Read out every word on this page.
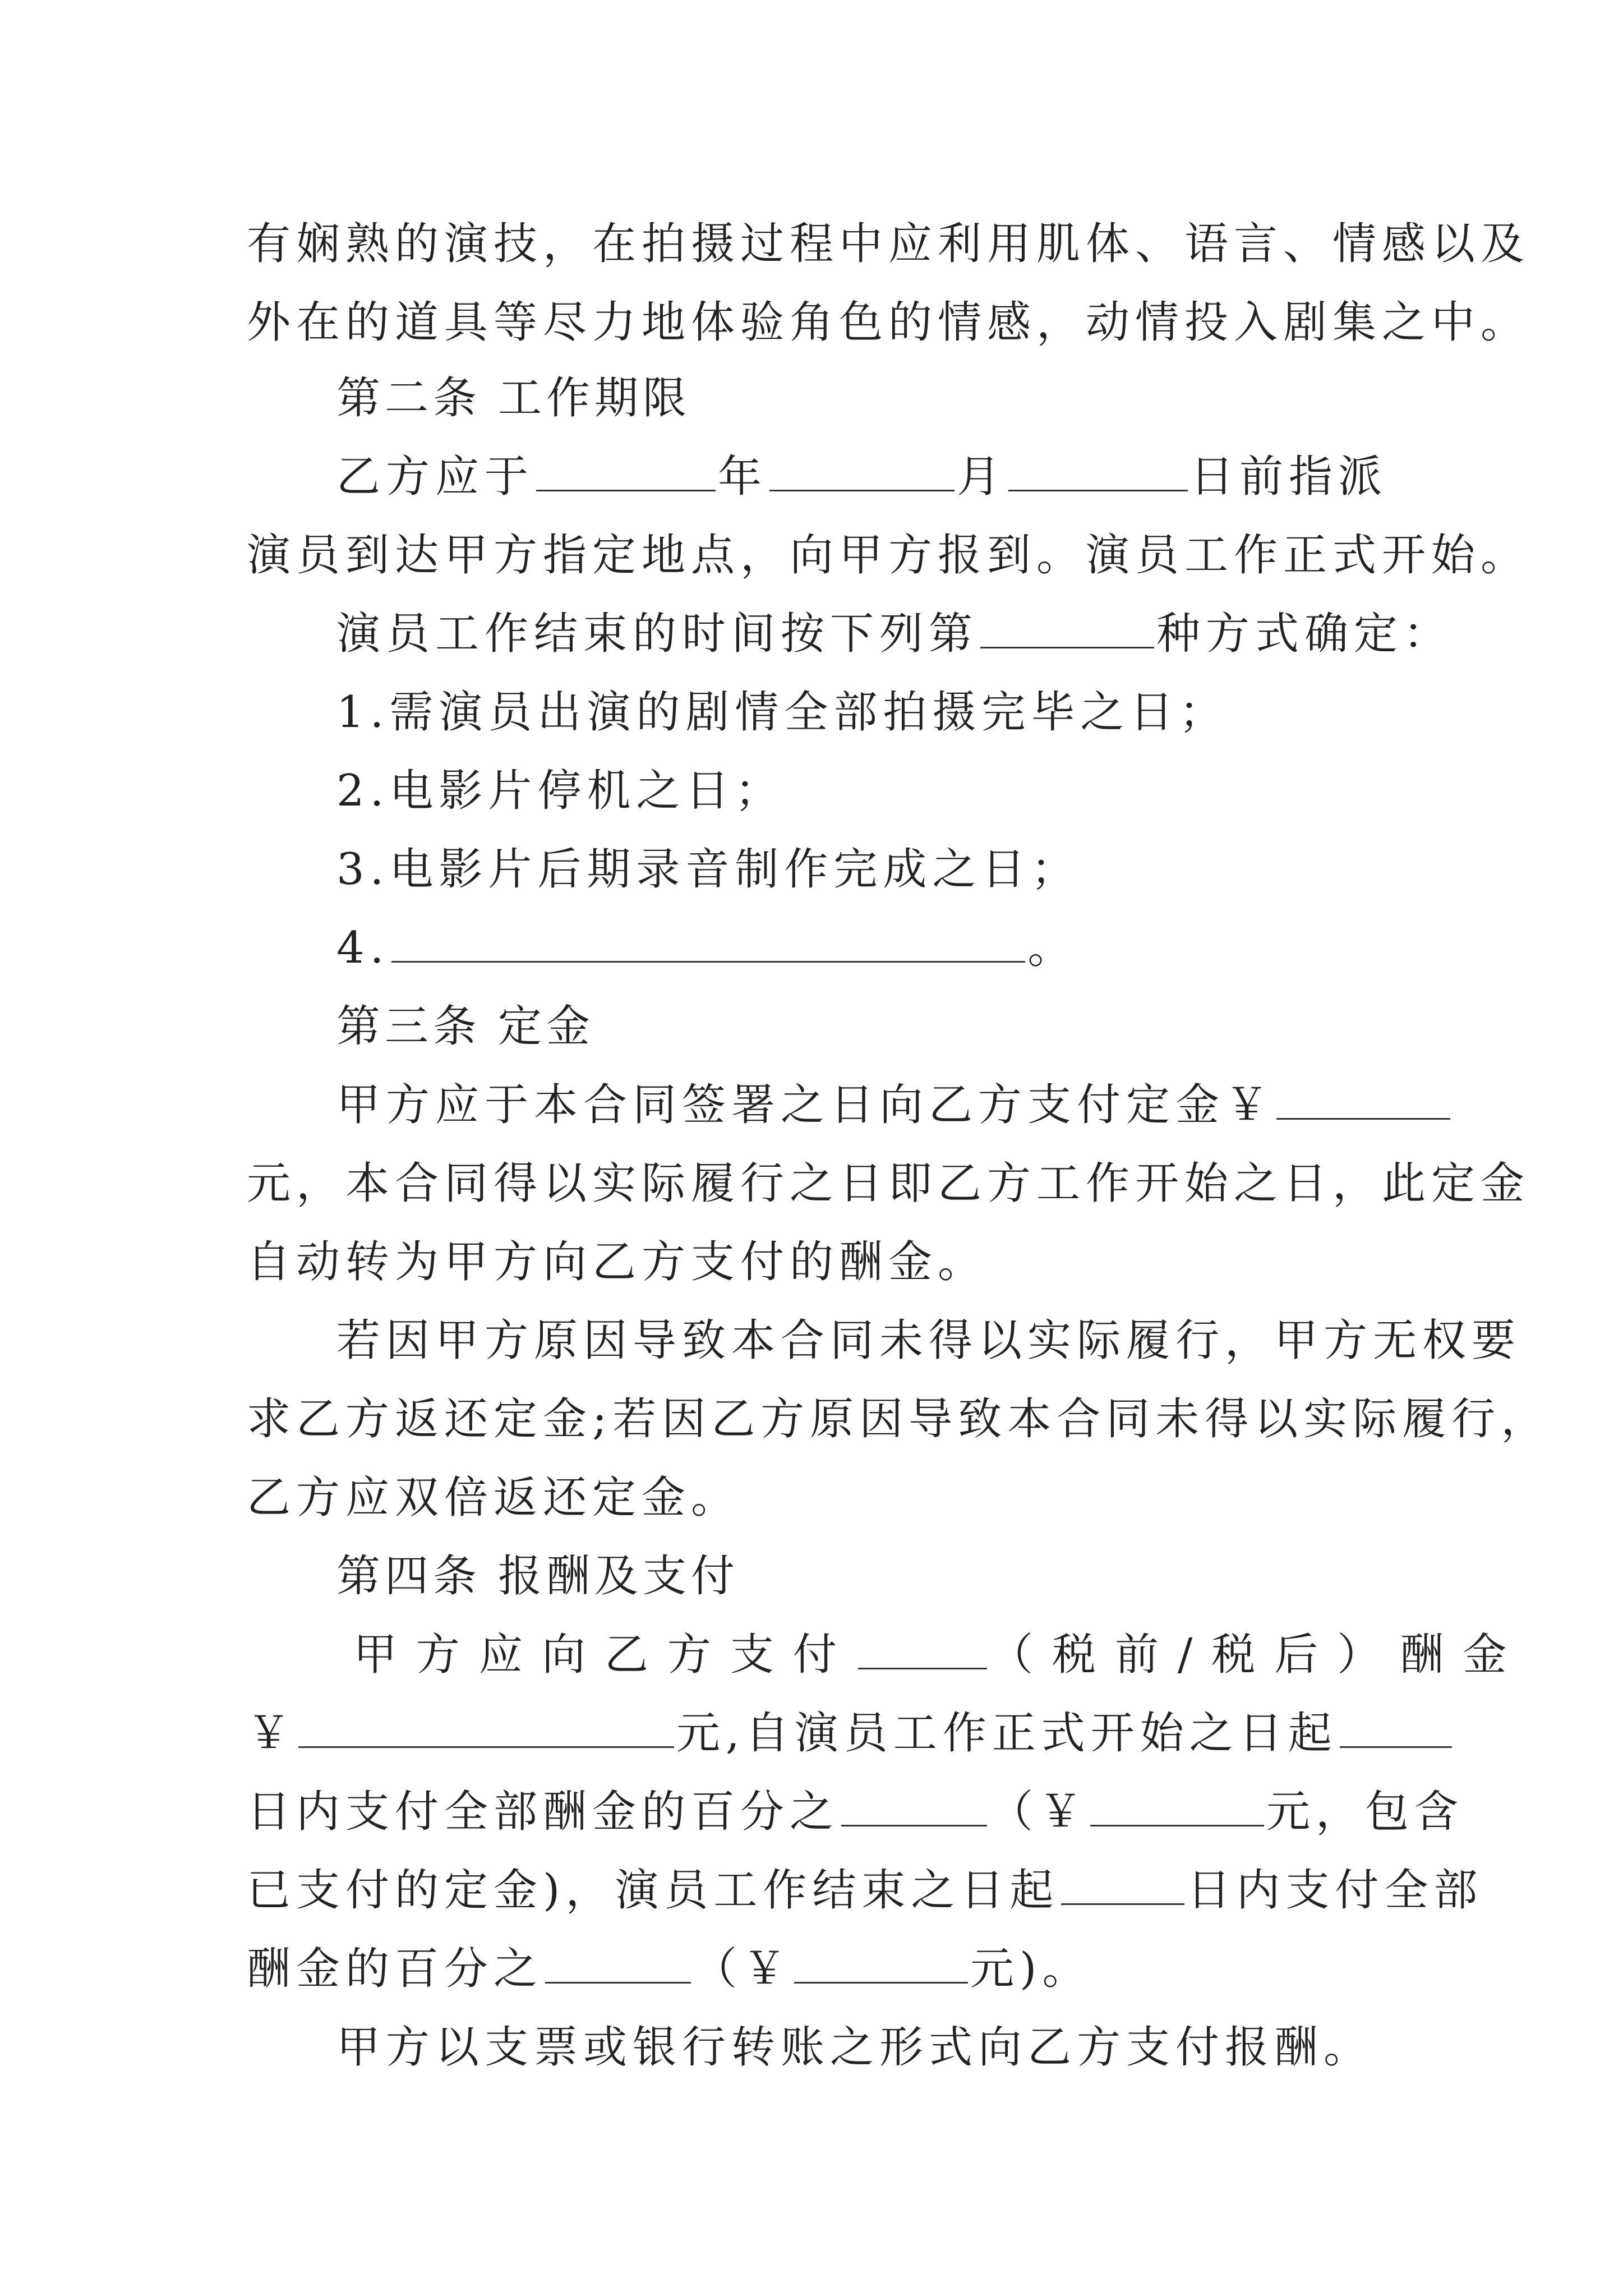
有娴熟的演技，在拍摄过程中应利用肌体、语言、情感以及
外在的道具等尽力地体验角色的情感，动情投入剧集之中。
第二条 工作期限
乙方应于	年	月	日前指派
演员到达甲方指定地点，向甲方报到。演员工作正式开始。
演员工作结束的时间按下列第	种方式确定：
1.需演员出演的剧情全部拍摄完毕之日；
2.电影片停机之日；
3.电影片后期录音制作完成之日；
4.	。
第三条 定金
甲方应于本合同签署之日向乙方支付定金￥
元，本合同得以实际履行之日即乙方工作开始之日，此定金
自动转为甲方向乙方支付的酬金。
若因甲方原因导致本合同未得以实际履行，甲方无权要
求乙方返还定金;若因乙方原因导致本合同未得以实际履行，
乙方应双倍返还定金。
第四条 报酬及支付
甲方应向乙方支付	（税前/税后）酬金
￥	元,自演员工作正式开始之日起
日内支付全部酬金的百分之	（￥	元，包含
已支付的定金)，演员工作结束之日起	日内支付全部
酬金的百分之	（￥	元)。
甲方以支票或银行转账之形式向乙方支付报酬。
